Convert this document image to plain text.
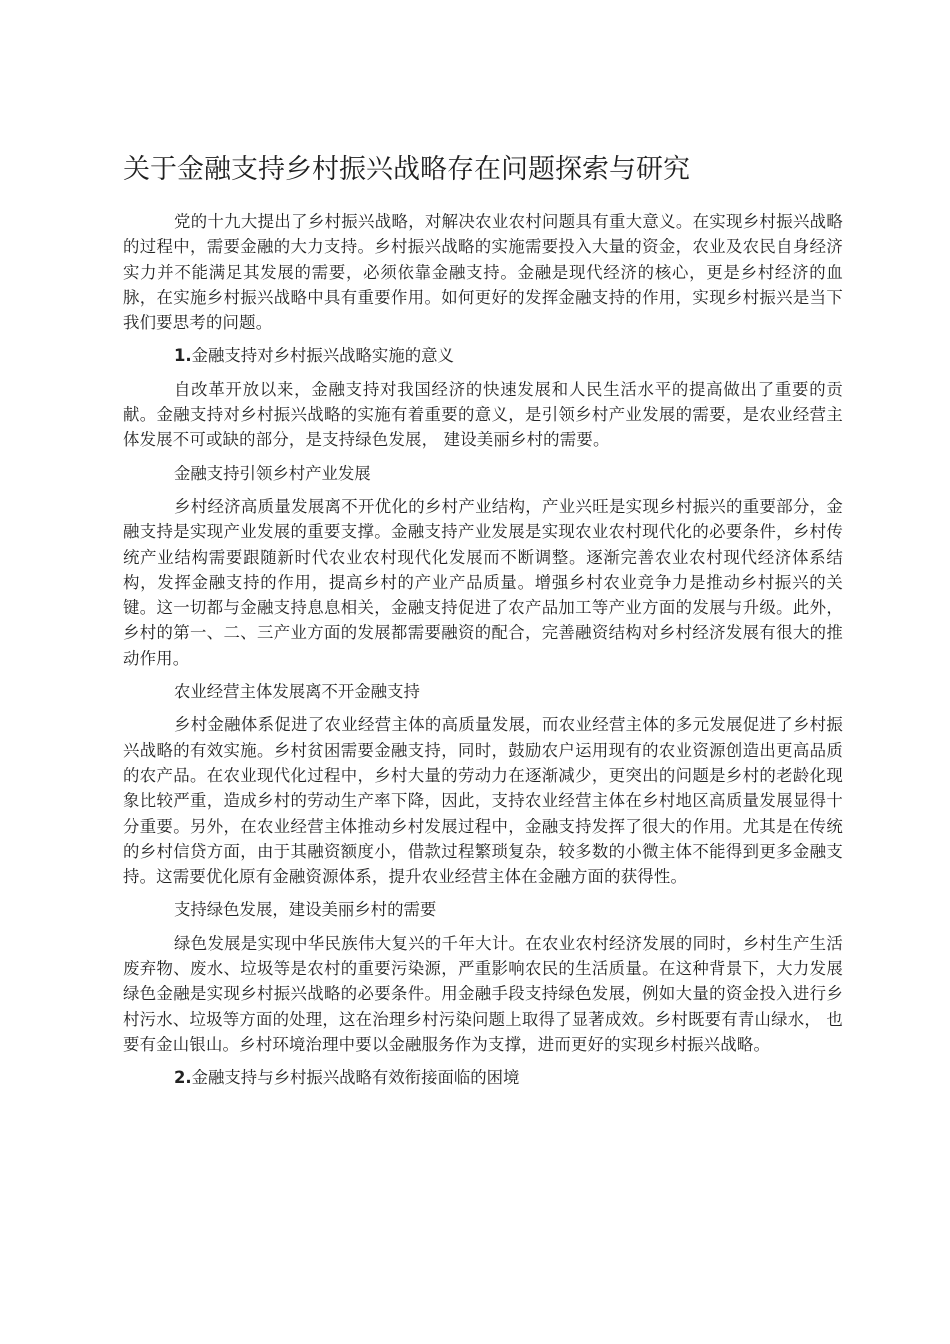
关于金融支持乡村振兴战略存在问题探索与研究

党的十九大提出了乡村振兴战略，对解决农业农村问题具有重大意义。在实现乡村振兴战略的过程中，需要金融的大力支持。乡村振兴战略的实施需要投入大量的资金，农业及农民自身经济实力并不能满足其发展的需要，必须依靠金融支持。金融是现代经济的核心，更是乡村经济的血脉，在实施乡村振兴战略中具有重要作用。如何更好的发挥金融支持的作用，实现乡村振兴是当下我们要思考的问题。

1.金融支持对乡村振兴战略实施的意义

自改革开放以来，金融支持对我国经济的快速发展和人民生活水平的提高做出了重要的贡献。金融支持对乡村振兴战略的实施有着重要的意义，是引领乡村产业发展的需要，是农业经营主体发展不可或缺的部分，是支持绿色发展， 建设美丽乡村的需要。

金融支持引领乡村产业发展

乡村经济高质量发展离不开优化的乡村产业结构，产业兴旺是实现乡村振兴的重要部分，金融支持是实现产业发展的重要支撑。金融支持产业发展是实现农业农村现代化的必要条件，乡村传统产业结构需要跟随新时代农业农村现代化发展而不断调整。逐渐完善农业农村现代经济体系结构，发挥金融支持的作用，提高乡村的产业产品质量。增强乡村农业竞争力是推动乡村振兴的关键。这一切都与金融支持息息相关，金融支持促进了农产品加工等产业方面的发展与升级。此外，乡村的第一、二、三产业方面的发展都需要融资的配合，完善融资结构对乡村经济发展有很大的推动作用。

农业经营主体发展离不开金融支持

乡村金融体系促进了农业经营主体的高质量发展，而农业经营主体的多元发展促进了乡村振兴战略的有效实施。乡村贫困需要金融支持，同时，鼓励农户运用现有的农业资源创造出更高品质的农产品。在农业现代化过程中，乡村大量的劳动力在逐渐减少，更突出的问题是乡村的老龄化现象比较严重，造成乡村的劳动生产率下降，因此，支持农业经营主体在乡村地区高质量发展显得十分重要。另外，在农业经营主体推动乡村发展过程中，金融支持发挥了很大的作用。尤其是在传统的乡村信贷方面，由于其融资额度小，借款过程繁琐复杂，较多数的小微主体不能得到更多金融支持。这需要优化原有金融资源体系，提升农业经营主体在金融方面的获得性。

支持绿色发展，建设美丽乡村的需要

绿色发展是实现中华民族伟大复兴的千年大计。在农业农村经济发展的同时，乡村生产生活废弃物、废水、垃圾等是农村的重要污染源，严重影响农民的生活质量。在这种背景下，大力发展绿色金融是实现乡村振兴战略的必要条件。用金融手段支持绿色发展，例如大量的资金投入进行乡村污水、垃圾等方面的处理，这在治理乡村污染问题上取得了显著成效。乡村既要有青山绿水， 也要有金山银山。乡村环境治理中要以金融服务作为支撑，进而更好的实现乡村振兴战略。

2.金融支持与乡村振兴战略有效衔接面临的困境
